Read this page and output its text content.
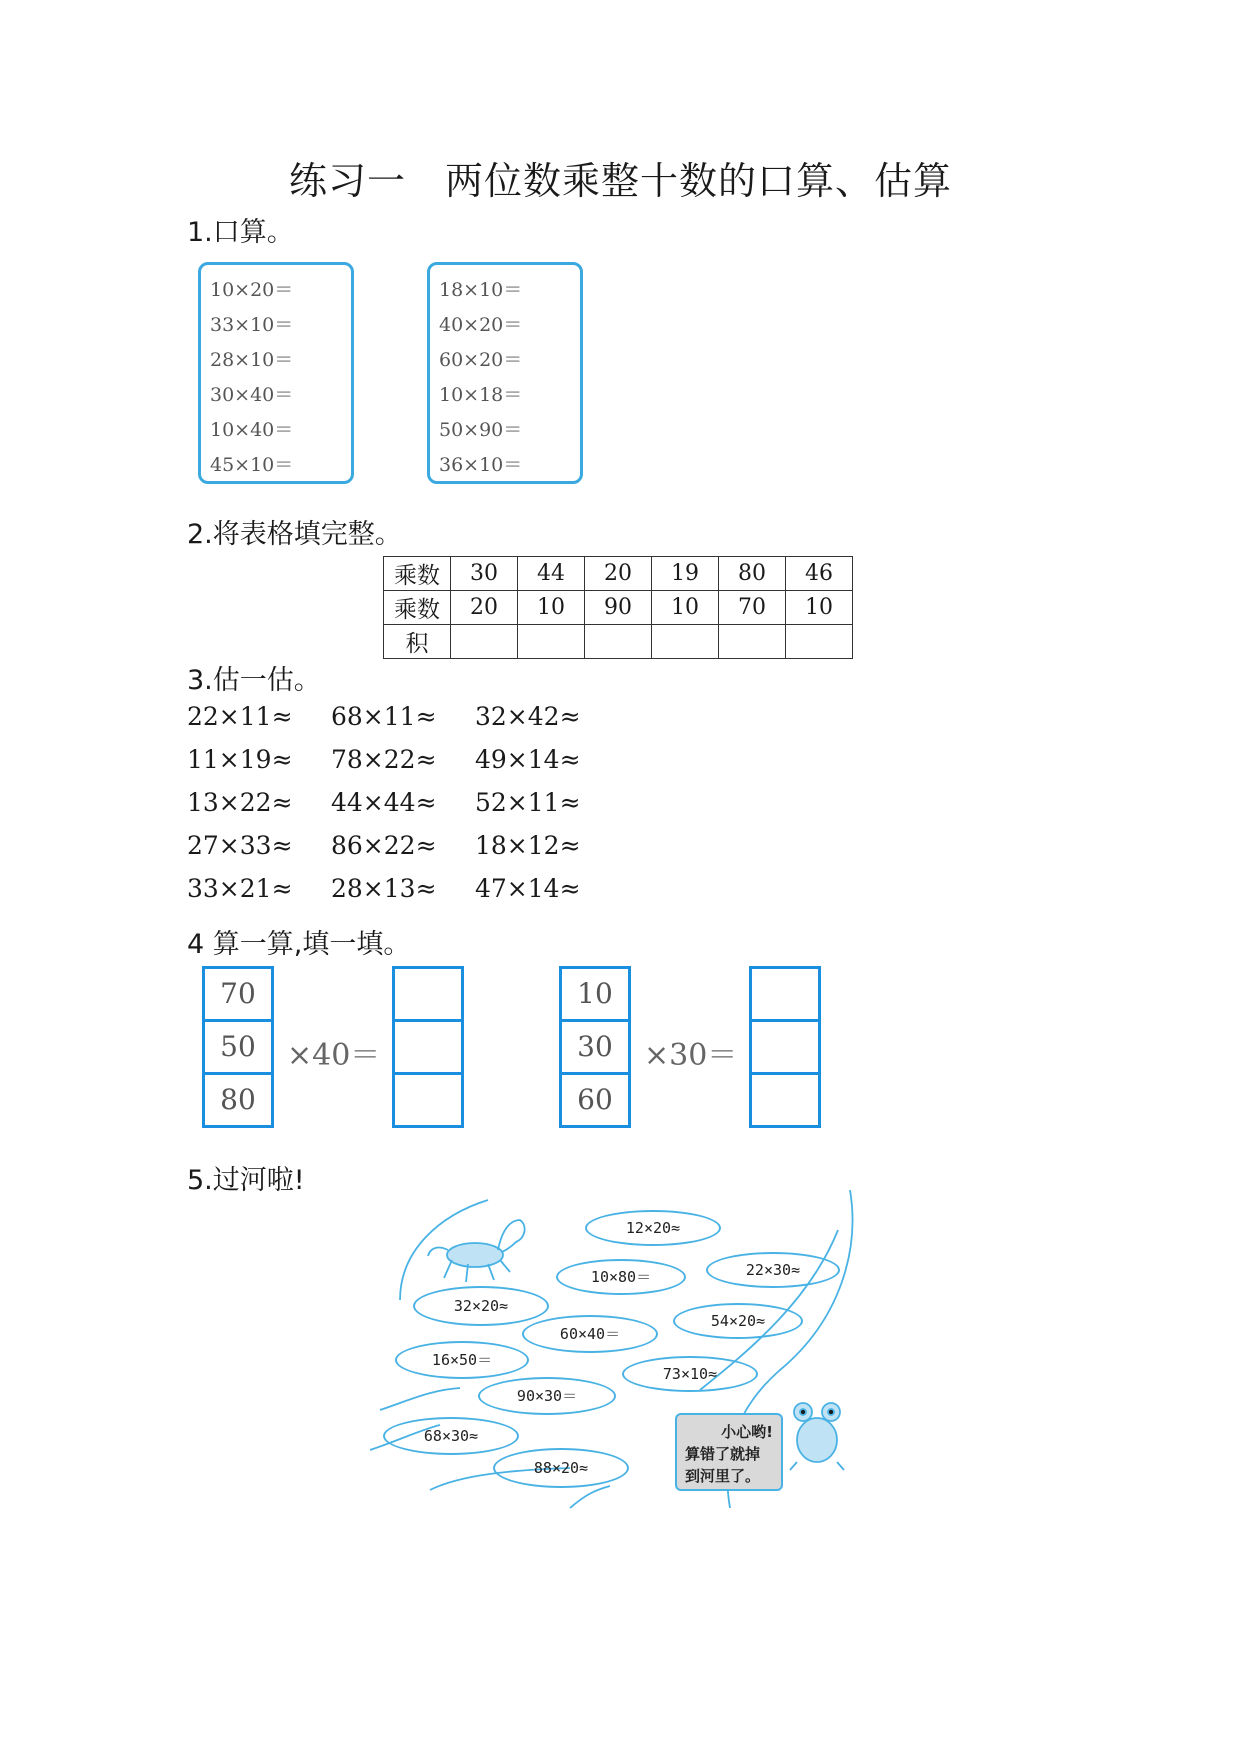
练习一　两位数乘整十数的口算、估算
1.口算。
10×20＝
33×10＝
28×10＝
30×40＝
10×40＝
45×10＝
18×10＝
40×20＝
60×20＝
10×18＝
50×90＝
36×10＝
2.将表格填完整。
乘数	30	44	20	19	80	46
乘数	20	10	90	10	70	10
积						
3.估一估。
22×11≈ 68×11≈ 32×42≈
11×19≈ 78×22≈ 49×14≈
13×22≈ 44×44≈ 52×11≈
27×33≈ 86×22≈ 18×12≈
33×21≈ 28×13≈ 47×14≈
4 算一算,填一填。
70
50
80
×40＝
10
30
60
×30＝
5.过河啦!
12×20≈
10×80＝	22×30≈
32×20≈
60×40＝
54×20≈
16×50＝
73×10≈
90×30＝
68×30≈
88×20≈
小心哟!
算错了就掉
到河里了。
